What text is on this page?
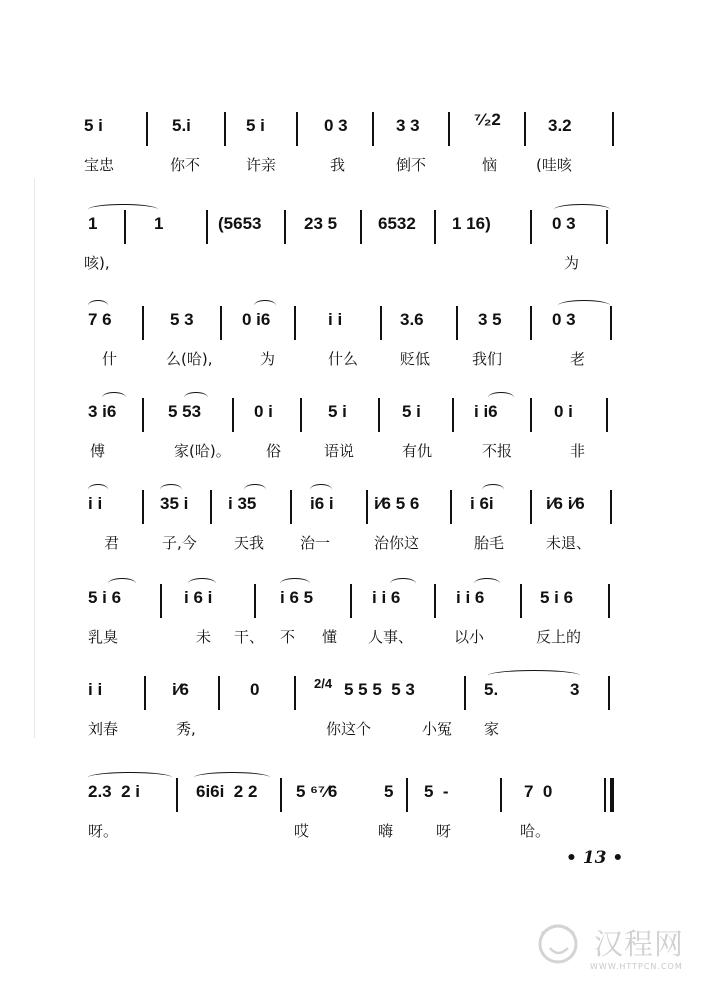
5 i	5.i	5 i	0 3	3 3	⁷⁄₂2	3.2
宝忠	你不	许亲	我	倒不	恼	(哇咳
1	1	(5653	23 5 6532 1 16)	0 3
咳),	为
7 6	5 3	0 i6	i i	3.6	3 5	0 3
什	么(哈),	为	什么	贬低	我们	老
3 i6	5 53	0 i	5 i	5 i	i i6	0 i
傅	家(哈)。 俗	语说	有仇	不报	非
i i	35 i i 35	i6 i i⁄6 5 6	i 6i	i⁄6 i⁄6
君	子,今 天我 治一	治你这	胎毛	未退、
5 i 6	i 6 i	i 6 5	i i 6	i i 6	5 i 6
乳臭	未 干、 不 懂 人事、	以小	反上的
i i	i⁄6	0	2/4 5 5 5  5 3	5.	3
刘春	秀,	你这个	小冤 家
2.3  2 i	6i6i  2 2 5 ⁶⁷⁄6	5 5  -	7  0
呀。	哎	嗨	呀	哈。
• 13 •
汉程网
WWW.HTTPCN.COM
